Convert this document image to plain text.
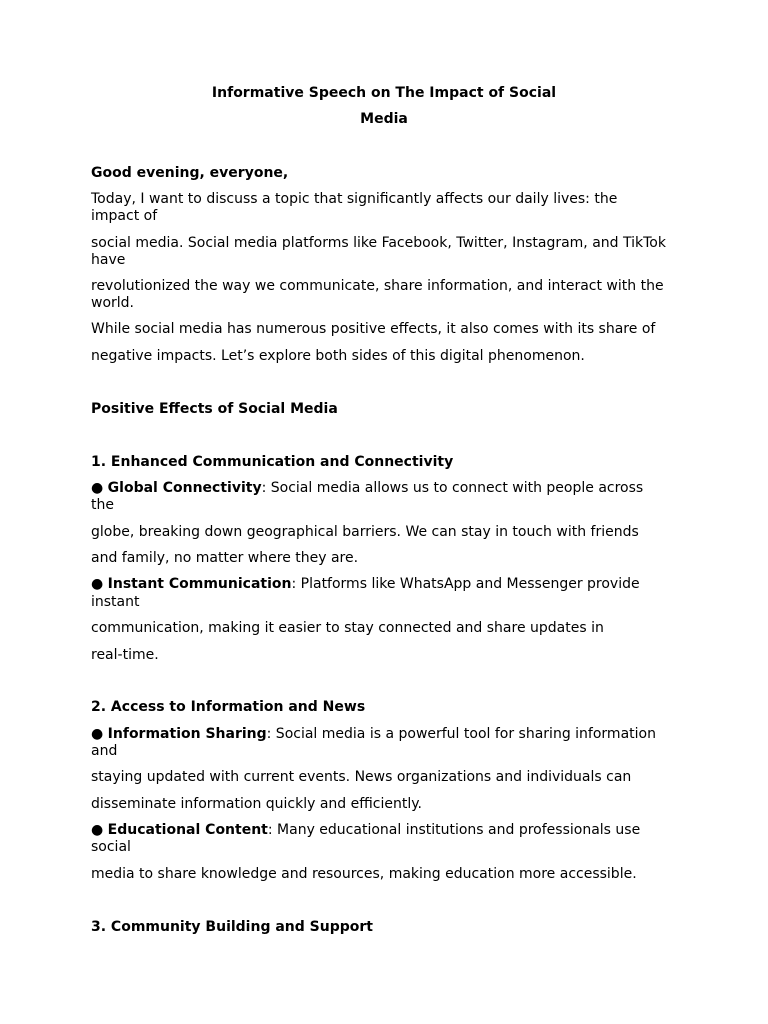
Informative Speech on The Impact of Social
Media
Good evening, everyone,
Today, I want to discuss a topic that significantly affects our daily lives: the
impact of
social media. Social media platforms like Facebook, Twitter, Instagram, and TikTok
have
revolutionized the way we communicate, share information, and interact with the
world.
While social media has numerous positive effects, it also comes with its share of
negative impacts. Let’s explore both sides of this digital phenomenon.
Positive Effects of Social Media
1. Enhanced Communication and Connectivity
● Global Connectivity: Social media allows us to connect with people across
the
globe, breaking down geographical barriers. We can stay in touch with friends
and family, no matter where they are.
● Instant Communication: Platforms like WhatsApp and Messenger provide
instant
communication, making it easier to stay connected and share updates in
real-time.
2. Access to Information and News
● Information Sharing: Social media is a powerful tool for sharing information
and
staying updated with current events. News organizations and individuals can
disseminate information quickly and efficiently.
● Educational Content: Many educational institutions and professionals use
social
media to share knowledge and resources, making education more accessible.
3. Community Building and Support
